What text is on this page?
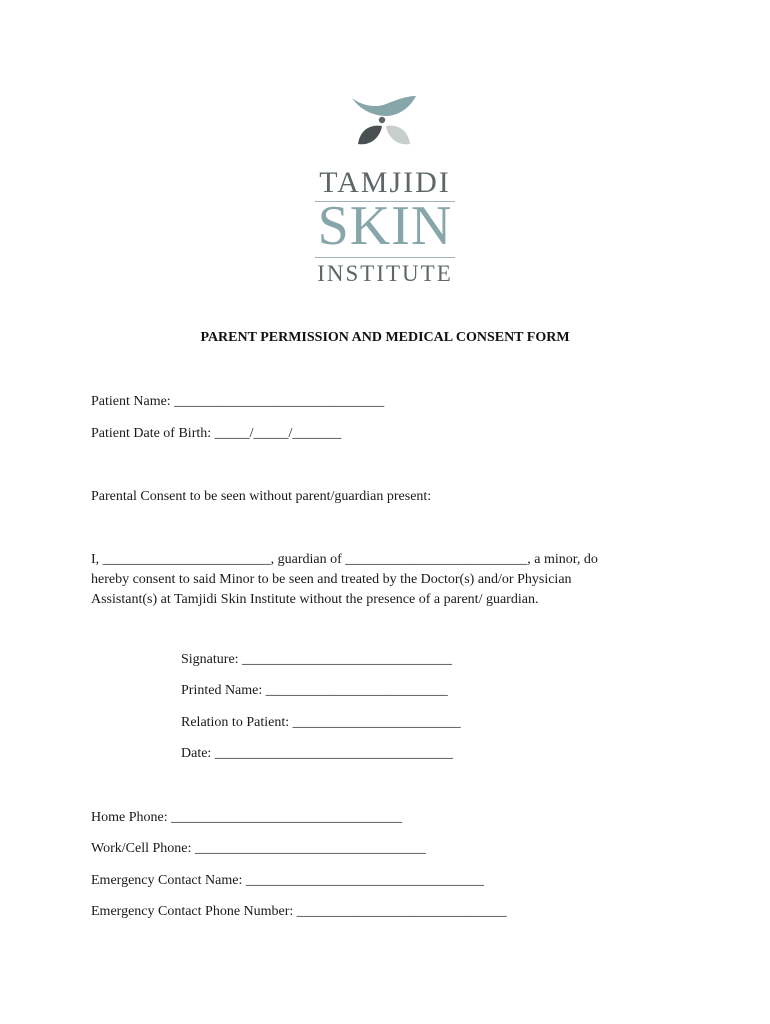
TAMJIDI
SKIN
INSTITUTE
PARENT PERMISSION AND MEDICAL CONSENT FORM
Patient Name: ______________________________
Patient Date of Birth: _____/_____/_______
Parental Consent to be seen without parent/guardian present:
I, ________________________, guardian of __________________________, a minor, do
hereby consent to said Minor to be seen and treated by the Doctor(s) and/or Physician
Assistant(s) at Tamjidi Skin Institute without the presence of a parent/ guardian.
Signature: ______________________________
Printed Name: __________________________
Relation to Patient: ________________________
Date: __________________________________
Home Phone: _________________________________
Work/Cell Phone: _________________________________
Emergency Contact Name: __________________________________
Emergency Contact Phone Number: ______________________________
